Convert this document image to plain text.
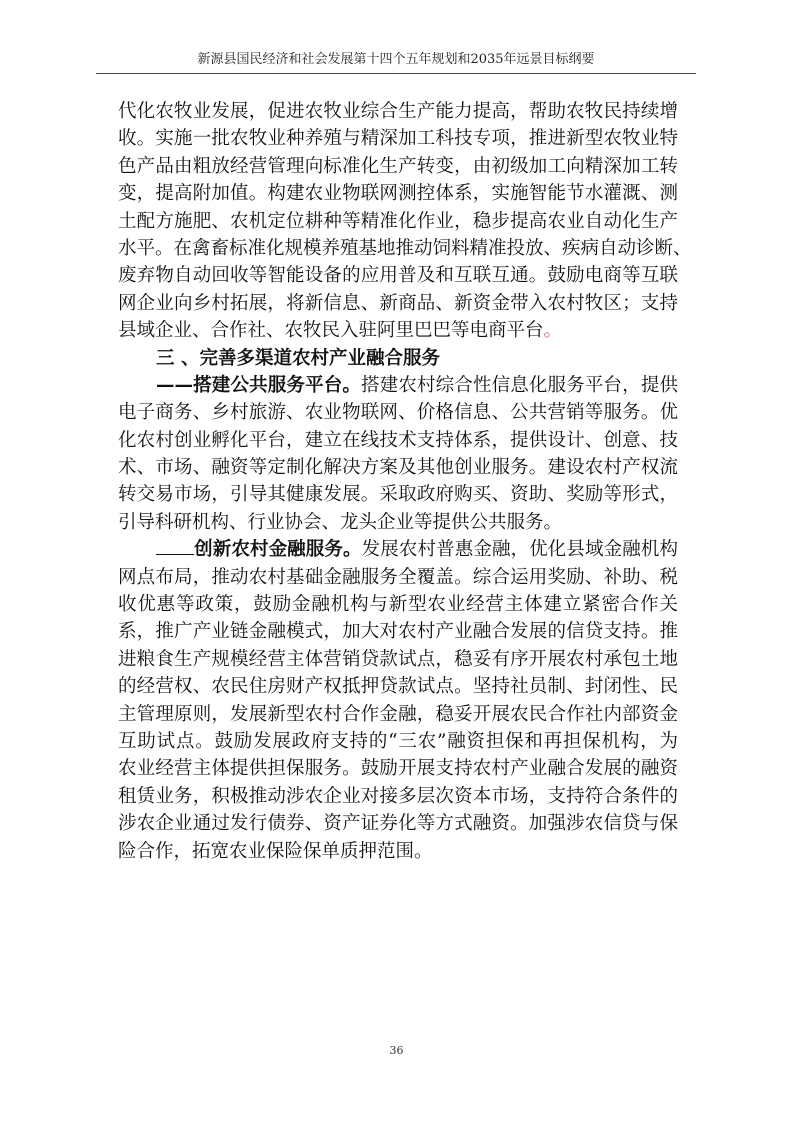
新源县国民经济和社会发展第十四个五年规划和2035年远景目标纲要
代化农牧业发展，促进农牧业综合生产能力提高，帮助农牧民持续增
收。实施一批农牧业种养殖与精深加工科技专项，推进新型农牧业特
色产品由粗放经营管理向标准化生产转变，由初级加工向精深加工转
变，提高附加值。构建农业物联网测控体系，实施智能节水灌溉、测
土配方施肥、农机定位耕种等精准化作业，稳步提高农业自动化生产
水平。在禽畜标准化规模养殖基地推动饲料精准投放、疾病自动诊断、
废弃物自动回收等智能设备的应用普及和互联互通。鼓励电商等互联
网企业向乡村拓展，将新信息、新商品、新资金带入农村牧区；支持
县域企业、合作社、农牧民入驻阿里巴巴等电商平台。
三 、完善多渠道农村产业融合服务
——搭建公共服务平台。搭建农村综合性信息化服务平台，提供
电子商务、乡村旅游、农业物联网、价格信息、公共营销等服务。优
化农村创业孵化平台，建立在线技术支持体系，提供设计、创意、技
术、市场、融资等定制化解决方案及其他创业服务。建设农村产权流
转交易市场，引导其健康发展。采取政府购买、资助、奖励等形式，
引导科研机构、行业协会、龙头企业等提供公共服务。
创新农村金融服务。发展农村普惠金融，优化县域金融机构
网点布局，推动农村基础金融服务全覆盖。综合运用奖励、补助、税
收优惠等政策，鼓励金融机构与新型农业经营主体建立紧密合作关
系，推广产业链金融模式，加大对农村产业融合发展的信贷支持。推
进粮食生产规模经营主体营销贷款试点，稳妥有序开展农村承包土地
的经营权、农民住房财产权抵押贷款试点。坚持社员制、封闭性、民
主管理原则，发展新型农村合作金融，稳妥开展农民合作社内部资金
互助试点。鼓励发展政府支持的“三农”融资担保和再担保机构，为
农业经营主体提供担保服务。鼓励开展支持农村产业融合发展的融资
租赁业务，积极推动涉农企业对接多层次资本市场，支持符合条件的
涉农企业通过发行债券、资产证券化等方式融资。加强涉农信贷与保
险合作，拓宽农业保险保单质押范围。
36
